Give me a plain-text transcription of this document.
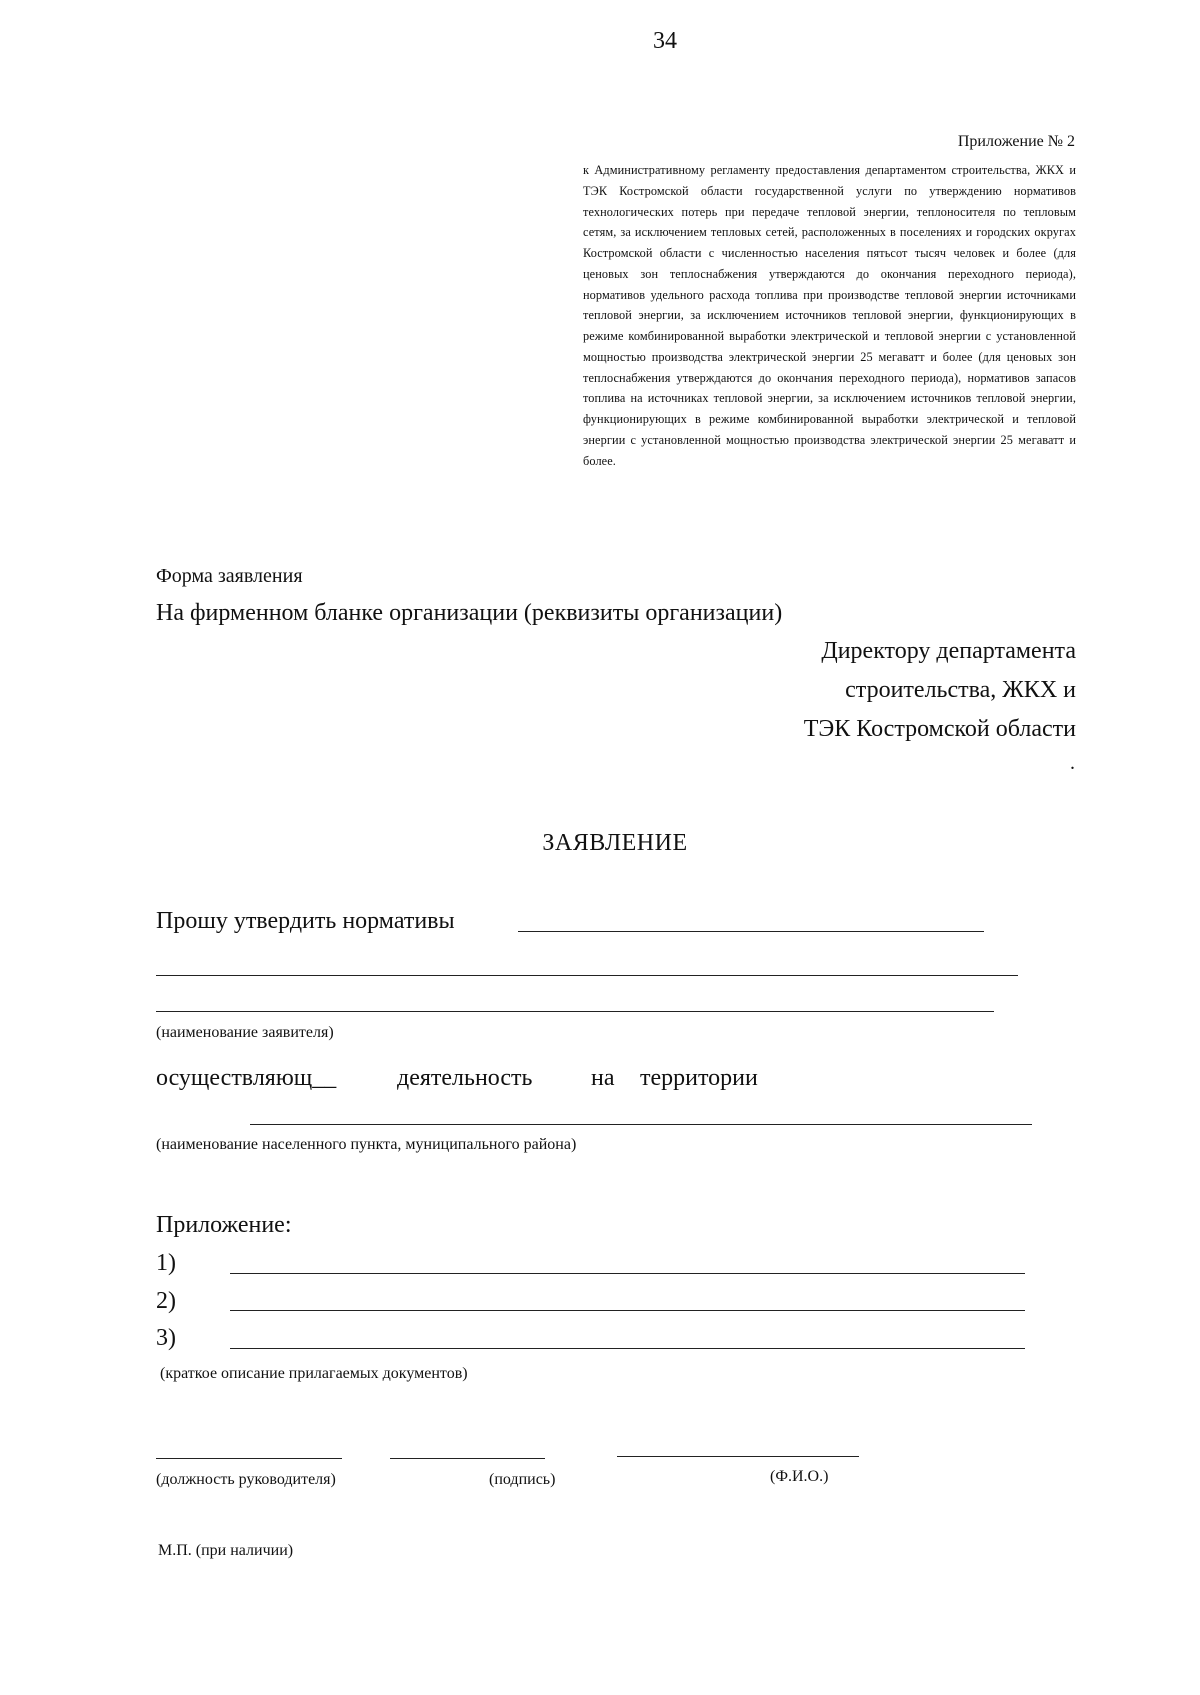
34
Приложение № 2
к Административному регламенту предоставления департаментом строительства, ЖКХ и ТЭК Костромской области государственной услуги по утверждению нормативов технологических потерь при передаче тепловой энергии, теплоносителя по тепловым сетям, за исключением тепловых сетей, расположенных в поселениях и городских округах Костромской области с численностью населения пятьсот тысяч человек и более (для ценовых зон теплоснабжения утверждаются до окончания переходного периода), нормативов удельного расхода топлива при производстве тепловой энергии источниками тепловой энергии, за исключением источников тепловой энергии, функционирующих в режиме комбинированной выработки электрической и тепловой энергии с установленной мощностью производства электрической энергии 25 мегаватт и более (для ценовых зон теплоснабжения утверждаются до окончания переходного периода), нормативов запасов топлива на источниках тепловой энергии, за исключением источников тепловой энергии, функционирующих в режиме комбинированной выработки электрической и тепловой энергии с установленной мощностью производства электрической энергии 25 мегаватт и более.
Форма заявления
На фирменном бланке организации (реквизиты организации)
Директору департамента
строительства, ЖКХ и
ТЭК Костромской области
.
ЗАЯВЛЕНИЕ
Прошу утвердить нормативы
(наименование заявителя)
осуществляющ__	деятельность на территории
(наименование населенного пункта, муниципального района)
Приложение:
1)
2)
3)
(краткое описание прилагаемых документов)
(должность руководителя)	(подпись)	(Ф.И.О.)
М.П. (при наличии)
